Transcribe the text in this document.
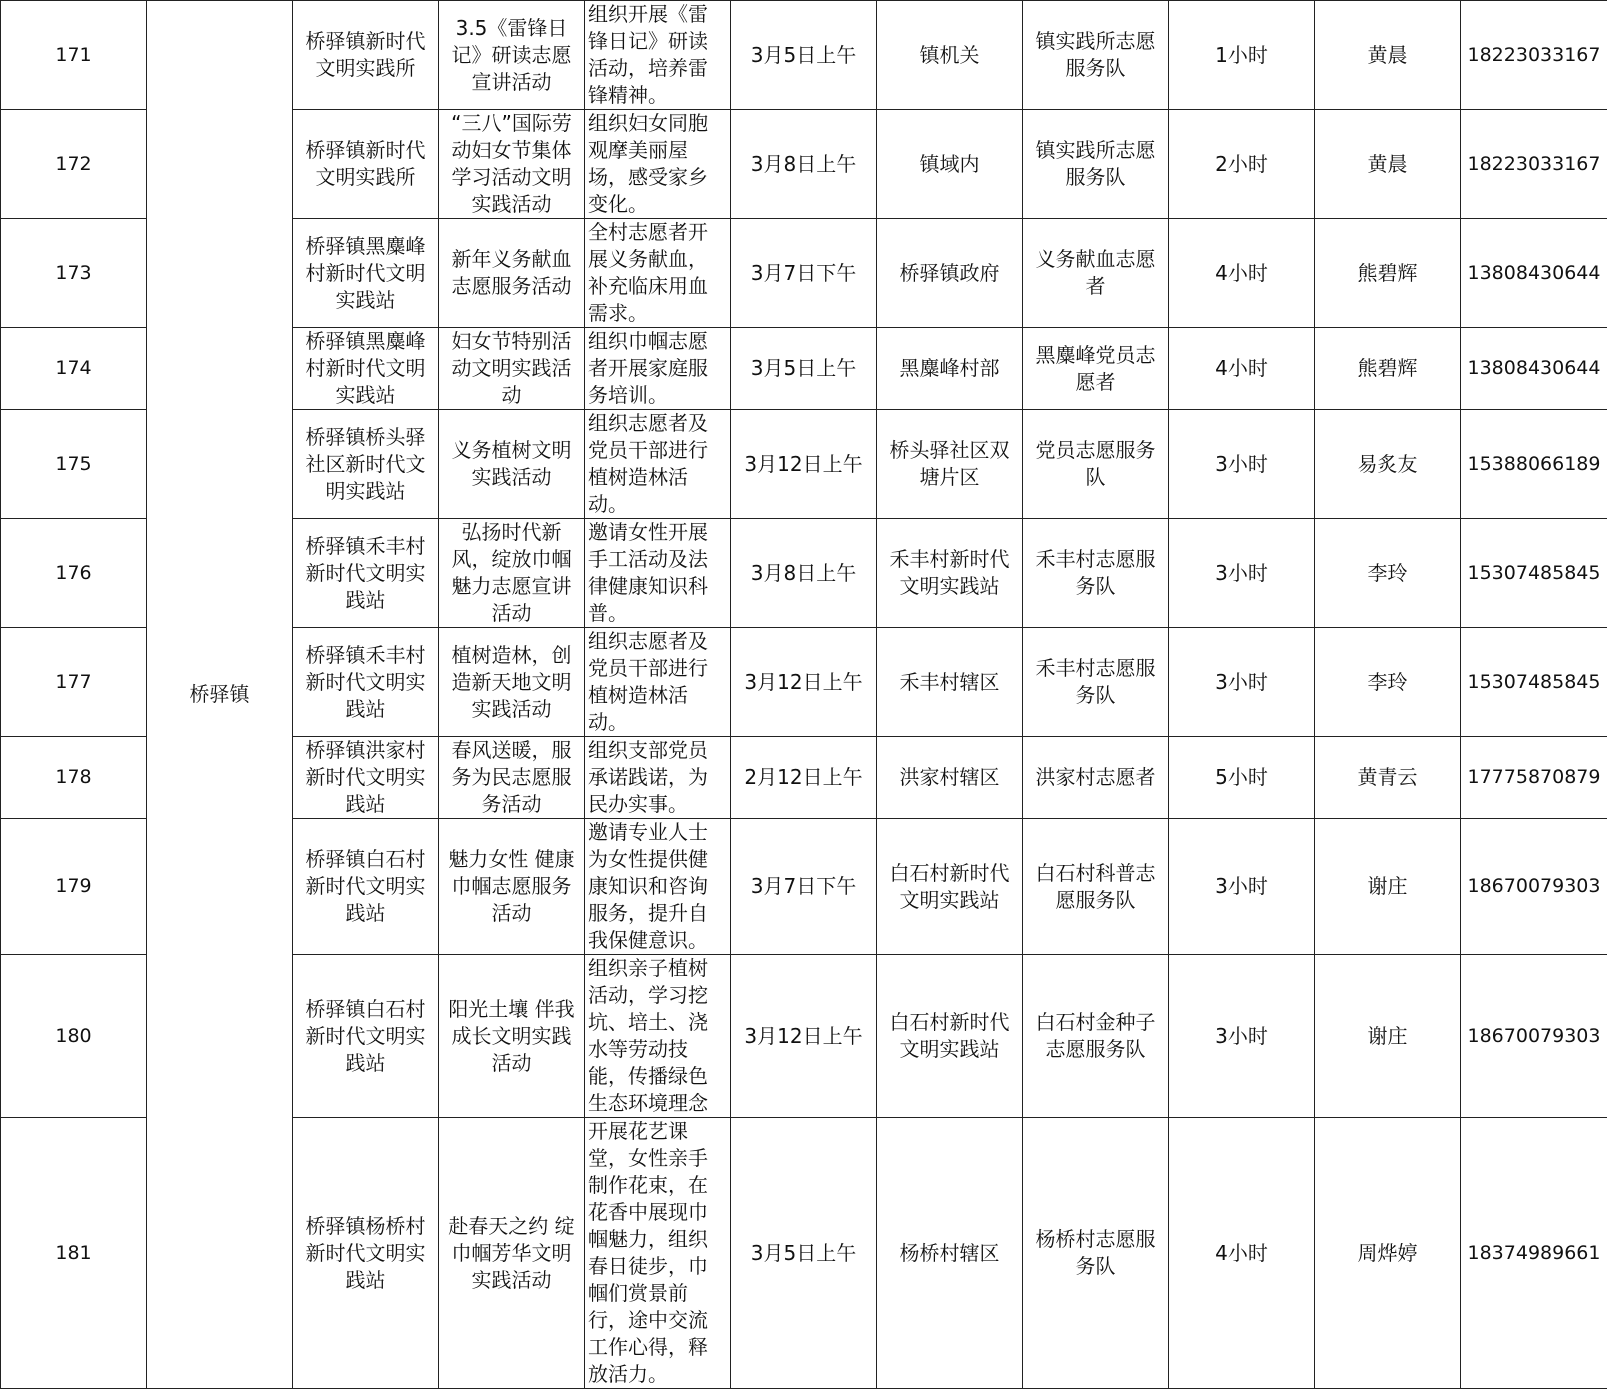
171	桥驿镇	桥驿镇新时代文明实践所	3.5《雷锋日记》研读志愿宣讲活动	组织开展《雷锋日记》研读活动，培养雷锋精神。	3月5日上午	镇机关	镇实践所志愿服务队	1小时	黄晨	18223033167
172		桥驿镇新时代文明实践所	“三八”国际劳动妇女节集体学习活动文明实践活动	组织妇女同胞观摩美丽屋场，感受家乡变化。	3月8日上午	镇域内	镇实践所志愿服务队	2小时	黄晨	18223033167
173		桥驿镇黑麋峰村新时代文明实践站	新年义务献血志愿服务活动	全村志愿者开展义务献血，补充临床用血需求。	3月7日下午	桥驿镇政府	义务献血志愿者	4小时	熊碧辉	13808430644
174		桥驿镇黑麋峰村新时代文明实践站	妇女节特别活动文明实践活动	组织巾帼志愿者开展家庭服务培训。	3月5日上午	黑麋峰村部	黑麋峰党员志愿者	4小时	熊碧辉	13808430644
175		桥驿镇桥头驿社区新时代文明实践站	义务植树文明实践活动	组织志愿者及党员干部进行植树造林活动。	3月12日上午	桥头驿社区双塘片区	党员志愿服务队	3小时	易炙友	15388066189
176		桥驿镇禾丰村新时代文明实践站	弘扬时代新风，绽放巾帼魅力志愿宣讲活动	邀请女性开展手工活动及法律健康知识科普。	3月8日上午	禾丰村新时代文明实践站	禾丰村志愿服务队	3小时	李玲	15307485845
177		桥驿镇禾丰村新时代文明实践站	植树造林，创造新天地文明实践活动	组织志愿者及党员干部进行植树造林活动。	3月12日上午	禾丰村辖区	禾丰村志愿服务队	3小时	李玲	15307485845
178		桥驿镇洪家村新时代文明实践站	春风送暖，服务为民志愿服务活动	组织支部党员承诺践诺，为民办实事。	2月12日上午	洪家村辖区	洪家村志愿者	5小时	黄青云	17775870879
179		桥驿镇白石村新时代文明实践站	魅力女性 健康巾帼志愿服务活动	邀请专业人士为女性提供健康知识和咨询服务，提升自我保健意识。	3月7日下午	白石村新时代文明实践站	白石村科普志愿服务队	3小时	谢庄	18670079303
180		桥驿镇白石村新时代文明实践站	阳光土壤 伴我成长文明实践活动	组织亲子植树活动，学习挖坑、培土、浇水等劳动技能，传播绿色生态环境理念	3月12日上午	白石村新时代文明实践站	白石村金种子志愿服务队	3小时	谢庄	18670079303
181		桥驿镇杨桥村新时代文明实践站	赴春天之约 绽巾帼芳华文明实践活动	开展花艺课堂，女性亲手制作花束，在花香中展现巾帼魅力，组织春日徒步，巾帼们赏景前行，途中交流工作心得，释放活力。	3月5日上午	杨桥村辖区	杨桥村志愿服务队	4小时	周烨婷	18374989661
